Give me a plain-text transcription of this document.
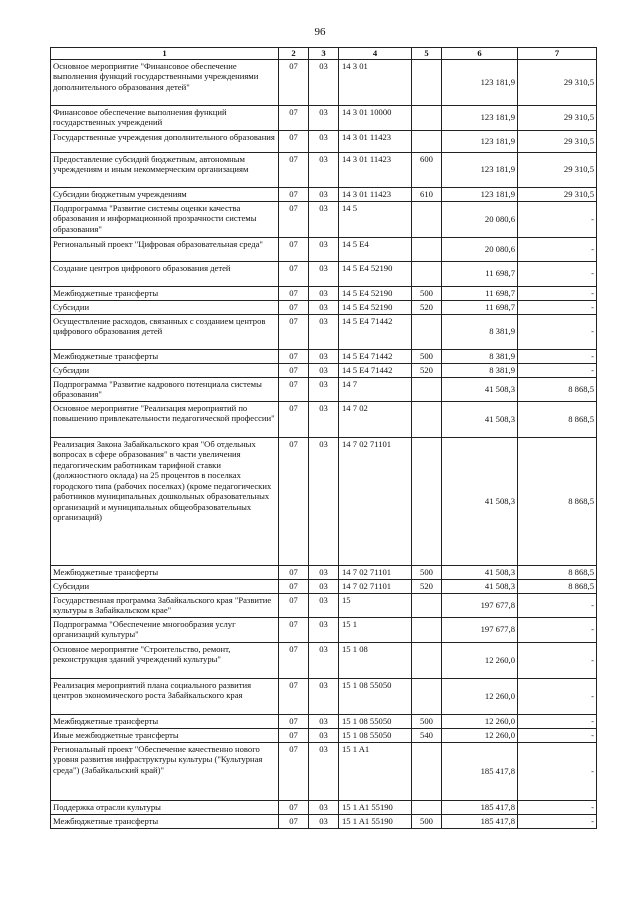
96
1	2	3	4	5	6	7
Основное мероприятие "Финансовое обеспечение выполнения функций государственными учреждениями дополнительного образования детей"	07	03	14 3 01		123 181,9	29 310,5
Финансовое обеспечение выполнения функций государственных учреждений	07	03	14 3 01 10000		123 181,9	29 310,5
Государственные учреждения дополнительного образования	07	03	14 3 01 11423		123 181,9	29 310,5
Предоставление субсидий бюджетным, автономным учреждениям и иным некоммерческим организациям	07	03	14 3 01 11423	600	123 181,9	29 310,5
Субсидии бюджетным учреждениям	07	03	14 3 01 11423	610	123 181,9	29 310,5
Подпрограмма "Развитие системы оценки качества образования и информационной прозрачности системы образования"	07	03	14 5		20 080,6	-
Региональный проект "Цифровая образовательная среда"	07	03	14 5 E4		20 080,6	-
Создание центров цифрового образования детей	07	03	14 5 E4 52190		11 698,7	-
Межбюджетные трансферты	07	03	14 5 E4 52190	500	11 698,7	-
Субсидии	07	03	14 5 E4 52190	520	11 698,7	-
Осуществление расходов, связанных с созданием центров цифрового образования детей	07	03	14 5 E4 71442		8 381,9	-
Межбюджетные трансферты	07	03	14 5 E4 71442	500	8 381,9	-
Субсидии	07	03	14 5 E4 71442	520	8 381,9	-
Подпрограмма "Развитие кадрового потенциала системы образования"	07	03	14 7		41 508,3	8 868,5
Основное мероприятие "Реализация мероприятий по повышению привлекательности педагогической профессии"	07	03	14 7 02		41 508,3	8 868,5
Реализация Закона Забайкальского края "Об отдельных вопросах в сфере образования" в части увеличения педагогическим работникам тарифной ставки (должностного оклада) на 25 процентов в поселках городского типа (рабочих поселках) (кроме педагогических работников муниципальных дошкольных образовательных организаций и муниципальных общеобразовательных организаций)	07	03	14 7 02 71101		41 508,3	8 868,5
Межбюджетные трансферты	07	03	14 7 02 71101	500	41 508,3	8 868,5
Субсидии	07	03	14 7 02 71101	520	41 508,3	8 868,5
Государственная программа Забайкальского края "Развитие культуры в Забайкальском крае"	07	03	15		197 677,8	-
Подпрограмма "Обеспечение многообразия услуг организаций культуры"	07	03	15 1		197 677,8	-
Основное мероприятие "Строительство, ремонт, реконструкция зданий учреждений культуры"	07	03	15 1 08		12 260,0	-
Реализация мероприятий плана социального развития центров экономического роста Забайкальского края	07	03	15 1 08 55050		12 260,0	-
Межбюджетные трансферты	07	03	15 1 08 55050	500	12 260,0	-
Иные межбюджетные трансферты	07	03	15 1 08 55050	540	12 260,0	-
Региональный проект "Обеспечение качественно нового уровня развития инфраструктуры культуры ("Культурная среда") (Забайкальский край)"	07	03	15 1 A1		185 417,8	-
Поддержка отрасли культуры	07	03	15 1 A1 55190		185 417,8	-
Межбюджетные трансферты	07	03	15 1 A1 55190	500	185 417,8	-
